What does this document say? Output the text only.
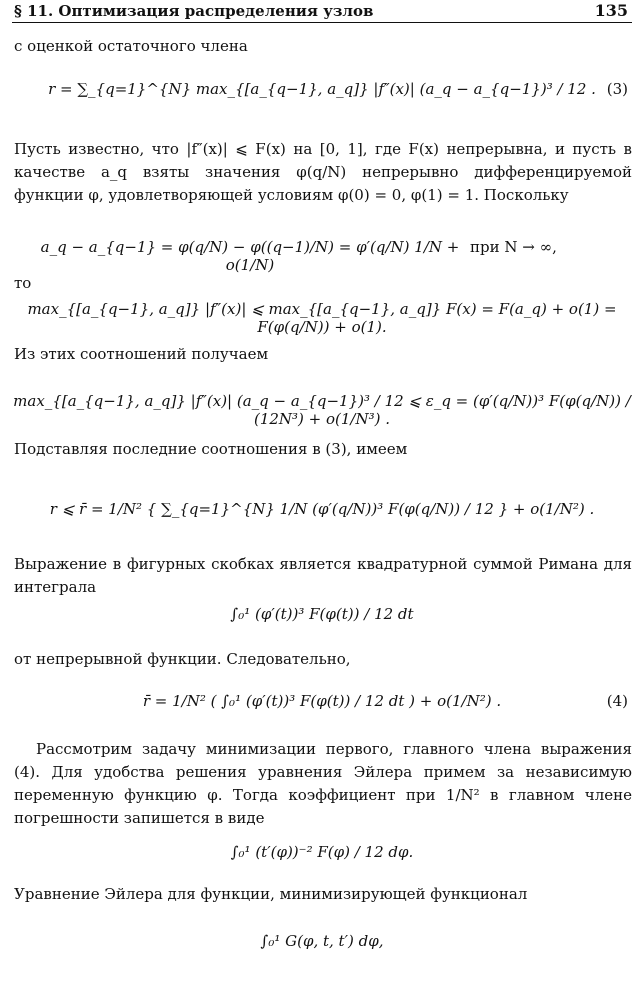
§ 11. Оптимизация распределения узлов	135
с оценкой остаточного члена
r = ∑_{q=1}^{N} max_{[a_{q−1}, a_q]} |f″(x)| (a_q − a_{q−1})³ / 12 . (3)
Пусть известно, что |f″(x)| ⩽ F(x) на [0, 1], где F(x) непрерывна, и пусть в качестве a_q взяты значения φ(q/N) непрерывно дифференцируемой функции φ, удовлетворяющей условиям φ(0) = 0, φ(1) = 1. Поскольку
a_q − a_{q−1} = φ(q/N) − φ((q−1)/N) = φ′(q/N) 1/N + o(1/N)
при N → ∞,
то
max_{[a_{q−1}, a_q]} |f″(x)| ⩽ max_{[a_{q−1}, a_q]} F(x) = F(a_q) + o(1) = F(φ(q/N)) + o(1).
Из этих соотношений получаем
max_{[a_{q−1}, a_q]} |f″(x)| (a_q − a_{q−1})³ / 12 ⩽ ε_q = (φ′(q/N))³ F(φ(q/N)) / (12N³) + o(1/N³) .
Подставляя последние соотношения в (3), имеем
r ⩽ r̄ = 1/N² { ∑_{q=1}^{N} 1/N (φ′(q/N))³ F(φ(q/N)) / 12 } + o(1/N²) .
Выражение в фигурных скобках является квадратурной суммой Римана для интеграла
∫₀¹ (φ′(t))³ F(φ(t)) / 12 dt
от непрерывной функции. Следовательно,
r̄ = 1/N² ( ∫₀¹ (φ′(t))³ F(φ(t)) / 12 dt ) + o(1/N²) .	(4)
Рассмотрим задачу минимизации первого, главного члена выражения (4). Для удобства решения уравнения Эйлера примем за независимую переменную функцию φ. Тогда коэффициент при 1/N² в главном члене погрешности запишется в виде
∫₀¹ (t′(φ))⁻² F(φ) / 12 dφ.
Уравнение Эйлера для функции, минимизирующей функционал
∫₀¹ G(φ, t, t′) dφ,
